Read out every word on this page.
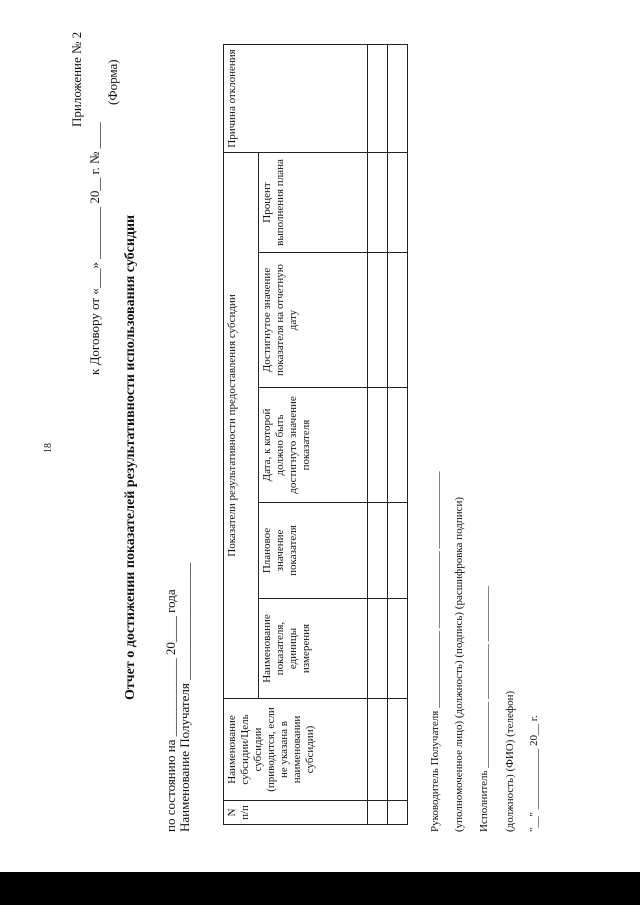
18
Приложение № 2
к Договору от «___» ________ 20__ г. № ____
(Форма)
Отчет о достижении показателей результативности использования субсидии
по состоянию на ____________ 20____ года Наименование Получателя __________________	N п/п	Наименование субсидии/Цель субсидии (приводится, если не указана в наименовании субсидии)	Показатели результативности предоставления субсидии					Причина отклонения
		Наименование показателя, единицы измерения	Плановое значение показателя	Дата, к которой должно быть достигнуто значение показателя	Достигнутое значение показателя на отчетную дату	Процент выполнения плана	

Руководитель Получателя ______________ ______________ ______________ (уполномоченное лицо) (должность) (подпись) (расшифровка подписи) Исполнитель ____________ __________ __________ (должность) (ФИО) (телефон) "__" ___________ 20__ г.
